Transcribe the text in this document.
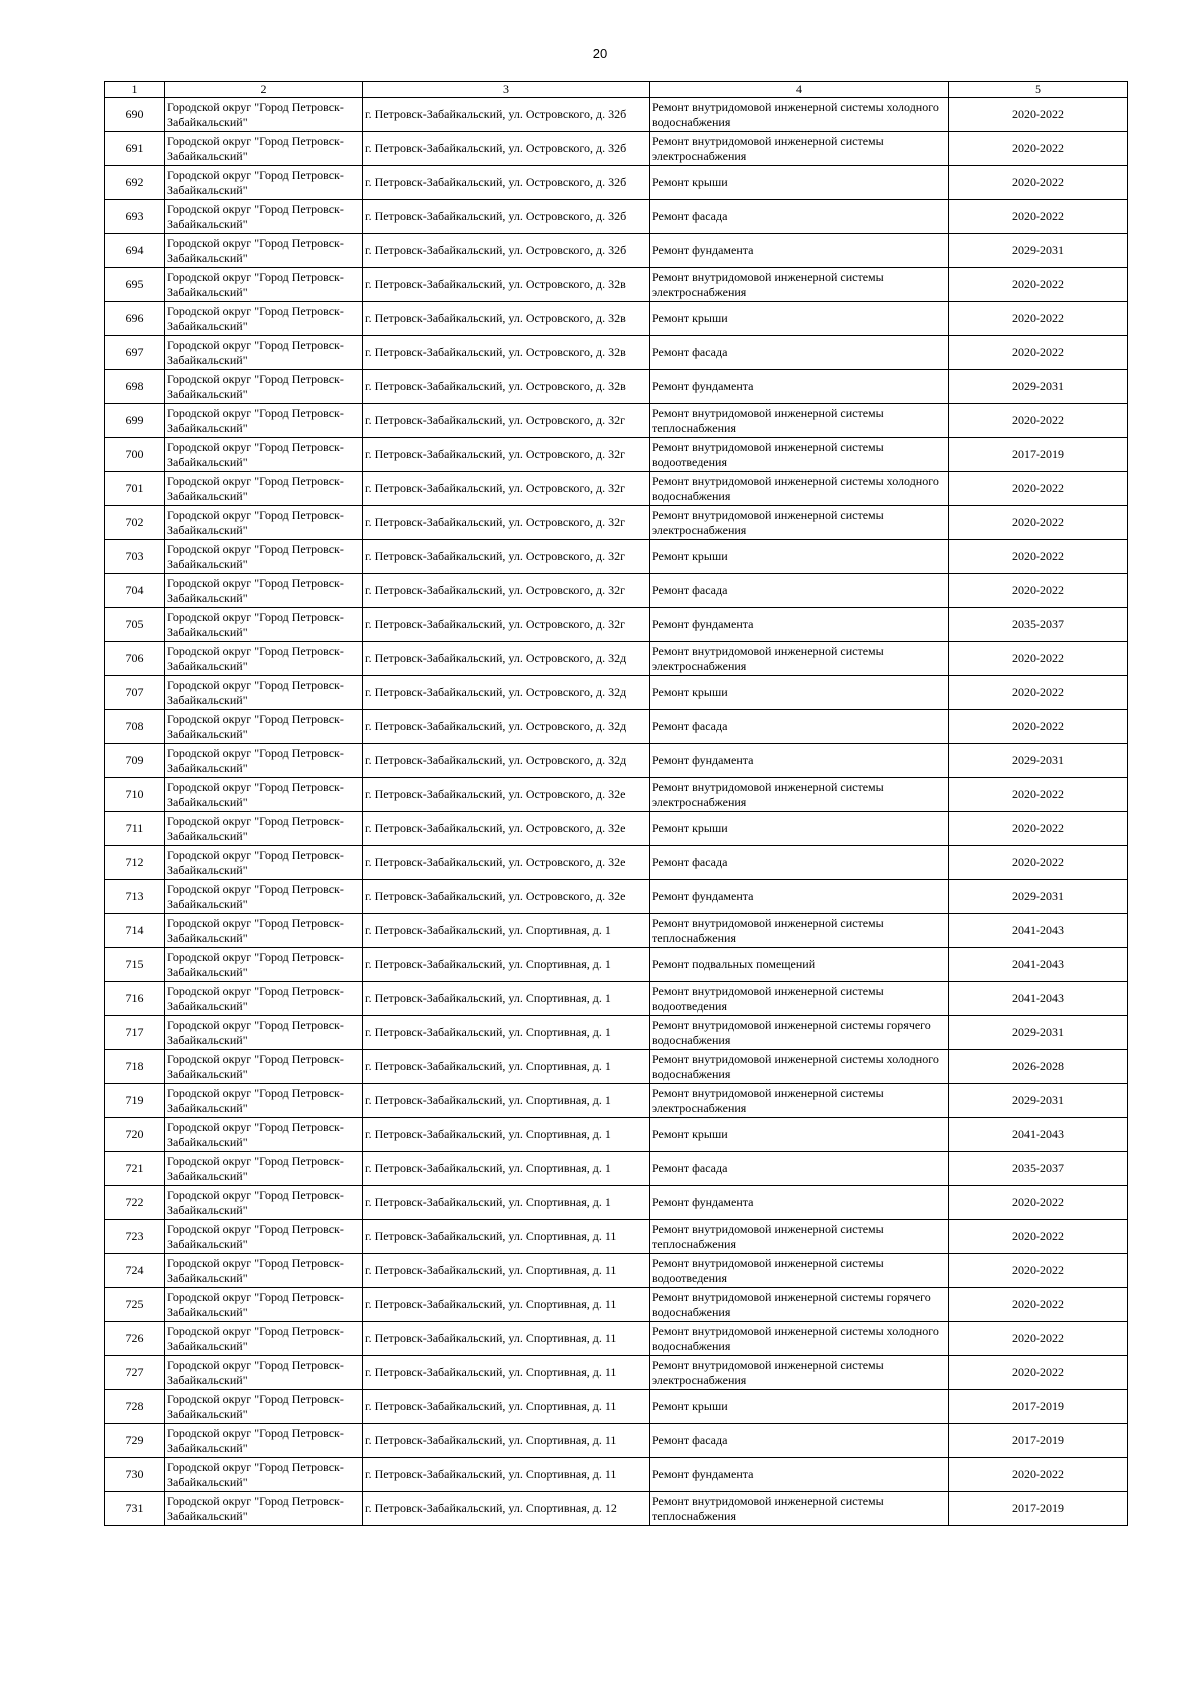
20
1	2	3	4	5
690	Городской округ "Город Петровск-Забайкальский"	г. Петровск-Забайкальский, ул. Островского, д. 32б	Ремонт внутридомовой инженерной системы холодного водоснабжения	2020-2022
691	Городской округ "Город Петровск-Забайкальский"	г. Петровск-Забайкальский, ул. Островского, д. 32б	Ремонт внутридомовой инженерной системы электроснабжения	2020-2022
692	Городской округ "Город Петровск-Забайкальский"	г. Петровск-Забайкальский, ул. Островского, д. 32б	Ремонт крыши	2020-2022
693	Городской округ "Город Петровск-Забайкальский"	г. Петровск-Забайкальский, ул. Островского, д. 32б	Ремонт фасада	2020-2022
694	Городской округ "Город Петровск-Забайкальский"	г. Петровск-Забайкальский, ул. Островского, д. 32б	Ремонт фундамента	2029-2031
695	Городской округ "Город Петровск-Забайкальский"	г. Петровск-Забайкальский, ул. Островского, д. 32в	Ремонт внутридомовой инженерной системы электроснабжения	2020-2022
696	Городской округ "Город Петровск-Забайкальский"	г. Петровск-Забайкальский, ул. Островского, д. 32в	Ремонт крыши	2020-2022
697	Городской округ "Город Петровск-Забайкальский"	г. Петровск-Забайкальский, ул. Островского, д. 32в	Ремонт фасада	2020-2022
698	Городской округ "Город Петровск-Забайкальский"	г. Петровск-Забайкальский, ул. Островского, д. 32в	Ремонт фундамента	2029-2031
699	Городской округ "Город Петровск-Забайкальский"	г. Петровск-Забайкальский, ул. Островского, д. 32г	Ремонт внутридомовой инженерной системы теплоснабжения	2020-2022
700	Городской округ "Город Петровск-Забайкальский"	г. Петровск-Забайкальский, ул. Островского, д. 32г	Ремонт внутридомовой инженерной системы водоотведения	2017-2019
701	Городской округ "Город Петровск-Забайкальский"	г. Петровск-Забайкальский, ул. Островского, д. 32г	Ремонт внутридомовой инженерной системы холодного водоснабжения	2020-2022
702	Городской округ "Город Петровск-Забайкальский"	г. Петровск-Забайкальский, ул. Островского, д. 32г	Ремонт внутридомовой инженерной системы электроснабжения	2020-2022
703	Городской округ "Город Петровск-Забайкальский"	г. Петровск-Забайкальский, ул. Островского, д. 32г	Ремонт крыши	2020-2022
704	Городской округ "Город Петровск-Забайкальский"	г. Петровск-Забайкальский, ул. Островского, д. 32г	Ремонт фасада	2020-2022
705	Городской округ "Город Петровск-Забайкальский"	г. Петровск-Забайкальский, ул. Островского, д. 32г	Ремонт фундамента	2035-2037
706	Городской округ "Город Петровск-Забайкальский"	г. Петровск-Забайкальский, ул. Островского, д. 32д	Ремонт внутридомовой инженерной системы электроснабжения	2020-2022
707	Городской округ "Город Петровск-Забайкальский"	г. Петровск-Забайкальский, ул. Островского, д. 32д	Ремонт крыши	2020-2022
708	Городской округ "Город Петровск-Забайкальский"	г. Петровск-Забайкальский, ул. Островского, д. 32д	Ремонт фасада	2020-2022
709	Городской округ "Город Петровск-Забайкальский"	г. Петровск-Забайкальский, ул. Островского, д. 32д	Ремонт фундамента	2029-2031
710	Городской округ "Город Петровск-Забайкальский"	г. Петровск-Забайкальский, ул. Островского, д. 32е	Ремонт внутридомовой инженерной системы электроснабжения	2020-2022
711	Городской округ "Город Петровск-Забайкальский"	г. Петровск-Забайкальский, ул. Островского, д. 32е	Ремонт крыши	2020-2022
712	Городской округ "Город Петровск-Забайкальский"	г. Петровск-Забайкальский, ул. Островского, д. 32е	Ремонт фасада	2020-2022
713	Городской округ "Город Петровск-Забайкальский"	г. Петровск-Забайкальский, ул. Островского, д. 32е	Ремонт фундамента	2029-2031
714	Городской округ "Город Петровск-Забайкальский"	г. Петровск-Забайкальский, ул. Спортивная, д. 1	Ремонт внутридомовой инженерной системы теплоснабжения	2041-2043
715	Городской округ "Город Петровск-Забайкальский"	г. Петровск-Забайкальский, ул. Спортивная, д. 1	Ремонт подвальных помещений	2041-2043
716	Городской округ "Город Петровск-Забайкальский"	г. Петровск-Забайкальский, ул. Спортивная, д. 1	Ремонт внутридомовой инженерной системы водоотведения	2041-2043
717	Городской округ "Город Петровск-Забайкальский"	г. Петровск-Забайкальский, ул. Спортивная, д. 1	Ремонт внутридомовой инженерной системы горячего водоснабжения	2029-2031
718	Городской округ "Город Петровск-Забайкальский"	г. Петровск-Забайкальский, ул. Спортивная, д. 1	Ремонт внутридомовой инженерной системы холодного водоснабжения	2026-2028
719	Городской округ "Город Петровск-Забайкальский"	г. Петровск-Забайкальский, ул. Спортивная, д. 1	Ремонт внутридомовой инженерной системы электроснабжения	2029-2031
720	Городской округ "Город Петровск-Забайкальский"	г. Петровск-Забайкальский, ул. Спортивная, д. 1	Ремонт крыши	2041-2043
721	Городской округ "Город Петровск-Забайкальский"	г. Петровск-Забайкальский, ул. Спортивная, д. 1	Ремонт фасада	2035-2037
722	Городской округ "Город Петровск-Забайкальский"	г. Петровск-Забайкальский, ул. Спортивная, д. 1	Ремонт фундамента	2020-2022
723	Городской округ "Город Петровск-Забайкальский"	г. Петровск-Забайкальский, ул. Спортивная, д. 11	Ремонт внутридомовой инженерной системы теплоснабжения	2020-2022
724	Городской округ "Город Петровск-Забайкальский"	г. Петровск-Забайкальский, ул. Спортивная, д. 11	Ремонт внутридомовой инженерной системы водоотведения	2020-2022
725	Городской округ "Город Петровск-Забайкальский"	г. Петровск-Забайкальский, ул. Спортивная, д. 11	Ремонт внутридомовой инженерной системы горячего водоснабжения	2020-2022
726	Городской округ "Город Петровск-Забайкальский"	г. Петровск-Забайкальский, ул. Спортивная, д. 11	Ремонт внутридомовой инженерной системы холодного водоснабжения	2020-2022
727	Городской округ "Город Петровск-Забайкальский"	г. Петровск-Забайкальский, ул. Спортивная, д. 11	Ремонт внутридомовой инженерной системы электроснабжения	2020-2022
728	Городской округ "Город Петровск-Забайкальский"	г. Петровск-Забайкальский, ул. Спортивная, д. 11	Ремонт крыши	2017-2019
729	Городской округ "Город Петровск-Забайкальский"	г. Петровск-Забайкальский, ул. Спортивная, д. 11	Ремонт фасада	2017-2019
730	Городской округ "Город Петровск-Забайкальский"	г. Петровск-Забайкальский, ул. Спортивная, д. 11	Ремонт фундамента	2020-2022
731	Городской округ "Город Петровск-Забайкальский"	г. Петровск-Забайкальский, ул. Спортивная, д. 12	Ремонт внутридомовой инженерной системы теплоснабжения	2017-2019
